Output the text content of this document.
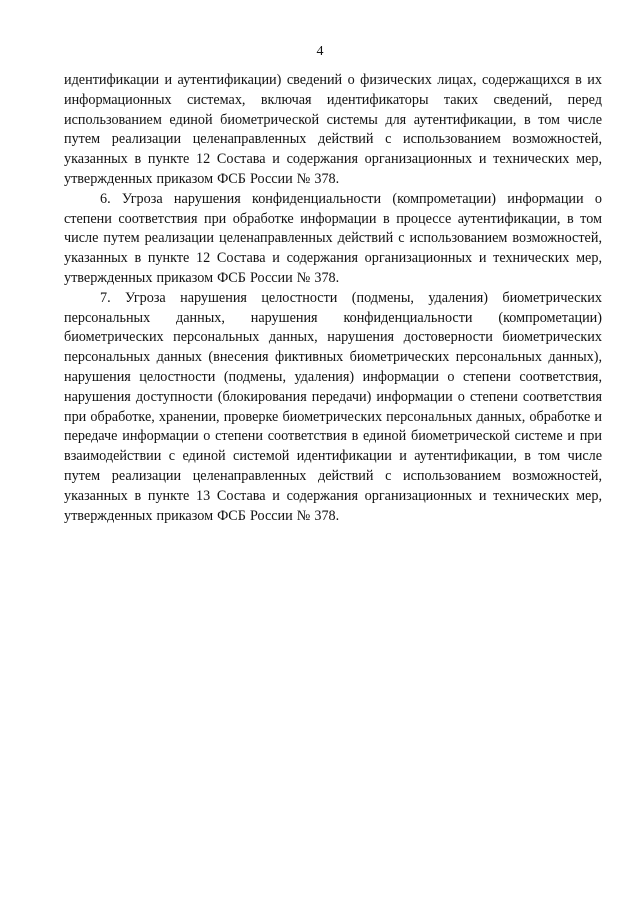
4

идентификации и аутентификации) сведений о физических лицах, содержащихся в их информационных системах, включая идентификаторы таких сведений, перед использованием единой биометрической системы для аутентификации, в том числе путем реализации целенаправленных действий с использованием возможностей, указанных в пункте 12 Состава и содержания организационных и технических мер, утвержденных приказом ФСБ России № 378.

6. Угроза нарушения конфиденциальности (компрометации) информации о степени соответствия при обработке информации в процессе аутентификации, в том числе путем реализации целенаправленных действий с использованием возможностей, указанных в пункте 12 Состава и содержания организационных и технических мер, утвержденных приказом ФСБ России № 378.

7. Угроза нарушения целостности (подмены, удаления) биометрических персональных данных, нарушения конфиденциальности (компрометации) биометрических персональных данных, нарушения достоверности биометрических персональных данных (внесения фиктивных биометрических персональных данных), нарушения целостности (подмены, удаления) информации о степени соответствия, нарушения доступности (блокирования передачи) информации о степени соответствия при обработке, хранении, проверке биометрических персональных данных, обработке и передаче информации о степени соответствия в единой биометрической системе и при взаимодействии с единой системой идентификации и аутентификации, в том числе путем реализации целенаправленных действий с использованием возможностей, указанных в пункте 13 Состава и содержания организационных и технических мер, утвержденных приказом ФСБ России № 378.
